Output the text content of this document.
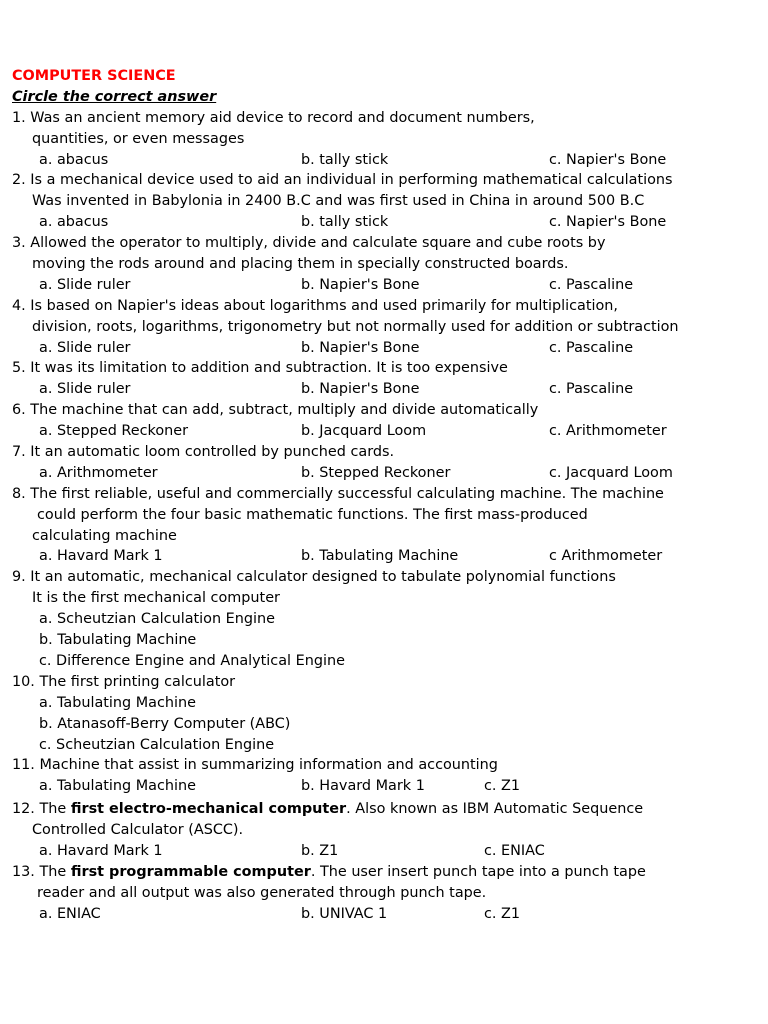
COMPUTER SCIENCE
Circle the correct answer
1. Was an ancient memory aid device to record and document numbers,
quantities, or even messages
a. abacus	b. tally stick	c. Napier's Bone
2. Is a mechanical device used to aid an individual in performing mathematical calculations
Was invented in Babylonia in 2400 B.C and was first used in China in around 500 B.C
a. abacus	b. tally stick	c. Napier's Bone
3. Allowed the operator to multiply, divide and calculate square and cube roots by
moving the rods around and placing them in specially constructed boards.
a. Slide ruler	b. Napier's Bone	c. Pascaline
4. Is based on Napier's ideas about logarithms and used primarily for multiplication,
division, roots, logarithms, trigonometry but not normally used for addition or subtraction
a. Slide ruler	b. Napier's Bone	c. Pascaline
5. It was its limitation to addition and subtraction. It is too expensive
a. Slide ruler	b. Napier's Bone	c. Pascaline
6. The machine that can add, subtract, multiply and divide automatically
a. Stepped Reckoner	b. Jacquard Loom	c. Arithmometer
7. It an automatic loom controlled by punched cards.
a. Arithmometer	b. Stepped Reckoner	c. Jacquard Loom
8. The first reliable, useful and commercially successful calculating machine. The machine
could perform the four basic mathematic functions. The first mass-produced
calculating machine
a. Havard Mark 1	b. Tabulating Machine	c Arithmometer
9. It an automatic, mechanical calculator designed to tabulate polynomial functions
It is the first mechanical computer
a. Scheutzian Calculation Engine
b. Tabulating Machine
c. Difference Engine and Analytical Engine
10. The first printing calculator
a. Tabulating Machine
b. Atanasoff-Berry Computer (ABC)
c. Scheutzian Calculation Engine
11. Machine that assist in summarizing information and accounting
a. Tabulating Machine	b. Havard Mark 1	c. Z1
12. The first electro-mechanical computer. Also known as IBM Automatic Sequence
Controlled Calculator (ASCC).
a. Havard Mark 1	b. Z1	c. ENIAC
13. The first programmable computer. The user insert punch tape into a punch tape
reader and all output was also generated through punch tape.
a. ENIAC	b. UNIVAC 1	c. Z1
